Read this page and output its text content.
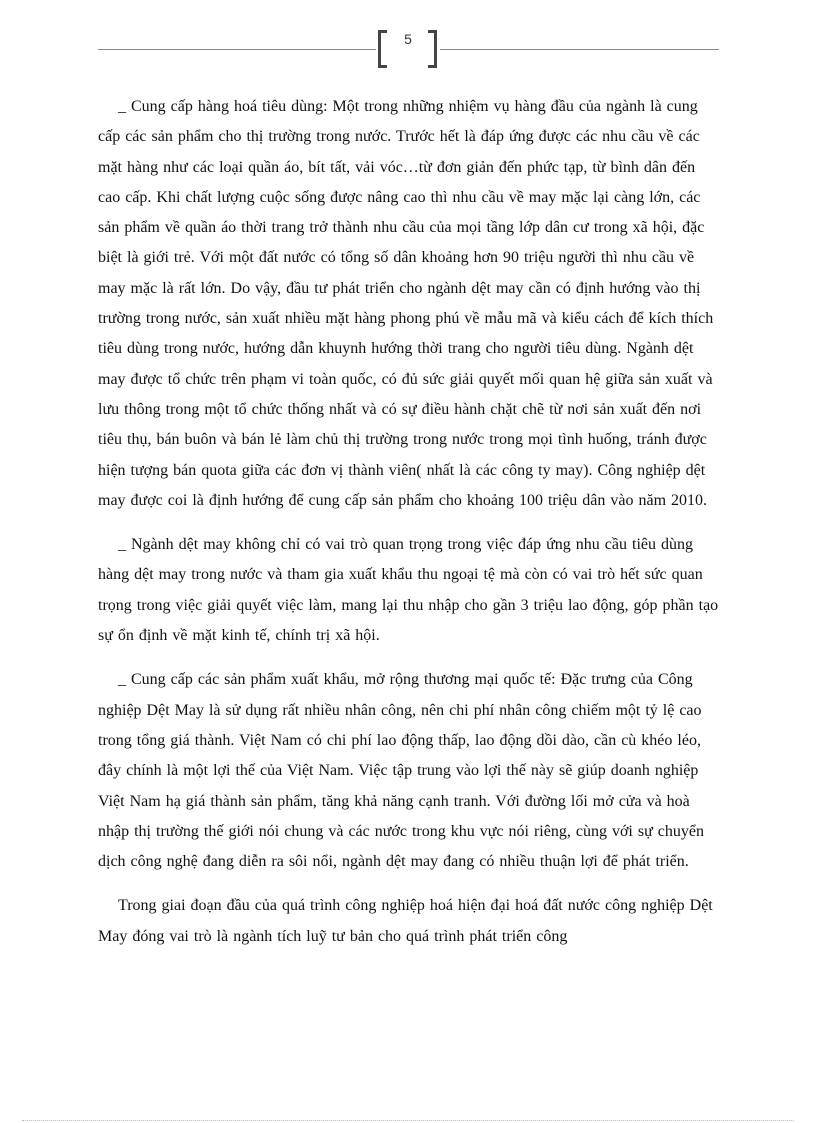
5

_ Cung cấp hàng hoá tiêu dùng: Một trong những nhiệm vụ hàng đầu của ngành là cung cấp các sản phẩm cho thị trường trong nước. Trước hết là đáp ứng được các nhu cầu về các mặt hàng như các loại quần áo, bít tất, vải vóc…từ đơn giản đến phức tạp, từ bình dân đến cao cấp. Khi chất lượng cuộc sống được nâng cao thì nhu cầu về may mặc lại càng lớn, các sản phẩm về quần áo thời trang trở thành nhu cầu của mọi tầng lớp dân cư trong xã hội, đặc biệt là giới trẻ. Với một đất nước có tổng số dân khoảng hơn 90 triệu người thì nhu cầu về may mặc là rất lớn. Do vậy, đầu tư phát triển cho ngành dệt may cần có định hướng vào thị trường trong nước, sản xuất nhiều mặt hàng phong phú về mẫu mã và kiểu cách để kích thích tiêu dùng trong nước, hướng dẫn khuynh hướng thời trang cho người tiêu dùng. Ngành dệt may được tổ chức trên phạm vi toàn quốc, có đủ sức giải quyết mối quan hệ giữa sản xuất và lưu thông trong một tổ chức thống nhất và có sự điều hành chặt chẽ từ nơi sản xuất đến nơi tiêu thụ, bán buôn và bán lẻ làm chủ thị trường trong nước trong mọi tình huống, tránh được hiện tượng bán quota giữa các đơn vị thành viên( nhất là các công ty may). Công nghiệp dệt may được coi là định hướng để cung cấp sản phẩm cho khoảng 100 triệu dân vào năm 2010.

_ Ngành dệt may không chỉ có vai trò quan trọng trong việc đáp ứng nhu cầu tiêu dùng hàng dệt may trong nước và tham gia xuất khẩu thu ngoại tệ mà còn có vai trò hết sức quan trọng trong việc giải quyết việc làm, mang lại thu nhập cho gần 3 triệu lao động, góp phần tạo sự ổn định về mặt kinh tế, chính trị xã hội.

_ Cung cấp các sản phẩm xuất khẩu, mở rộng thương mại quốc tế: Đặc trưng của Công nghiệp Dệt May là sử dụng rất nhiều nhân công, nên chi phí nhân công chiếm một tỷ lệ cao trong tổng giá thành. Việt Nam có chi phí lao động thấp, lao động dồi dào, cần cù khéo léo, đây chính là một lợi thế của Việt Nam. Việc tập trung vào lợi thế này sẽ giúp doanh nghiệp Việt Nam hạ giá thành sản phẩm, tăng khả năng cạnh tranh. Với đường lối mở cửa và hoà nhập thị trường thế giới nói chung và các nước trong khu vực nói riêng, cùng với sự chuyển dịch công nghệ đang diễn ra sôi nổi, ngành dệt may đang có nhiều thuận lợi để phát triển.

Trong giai đoạn đầu của quá trình công nghiệp hoá hiện đại hoá đất nước công nghiệp Dệt May đóng vai trò là ngành tích luỹ tư bản cho quá trình phát triển công
